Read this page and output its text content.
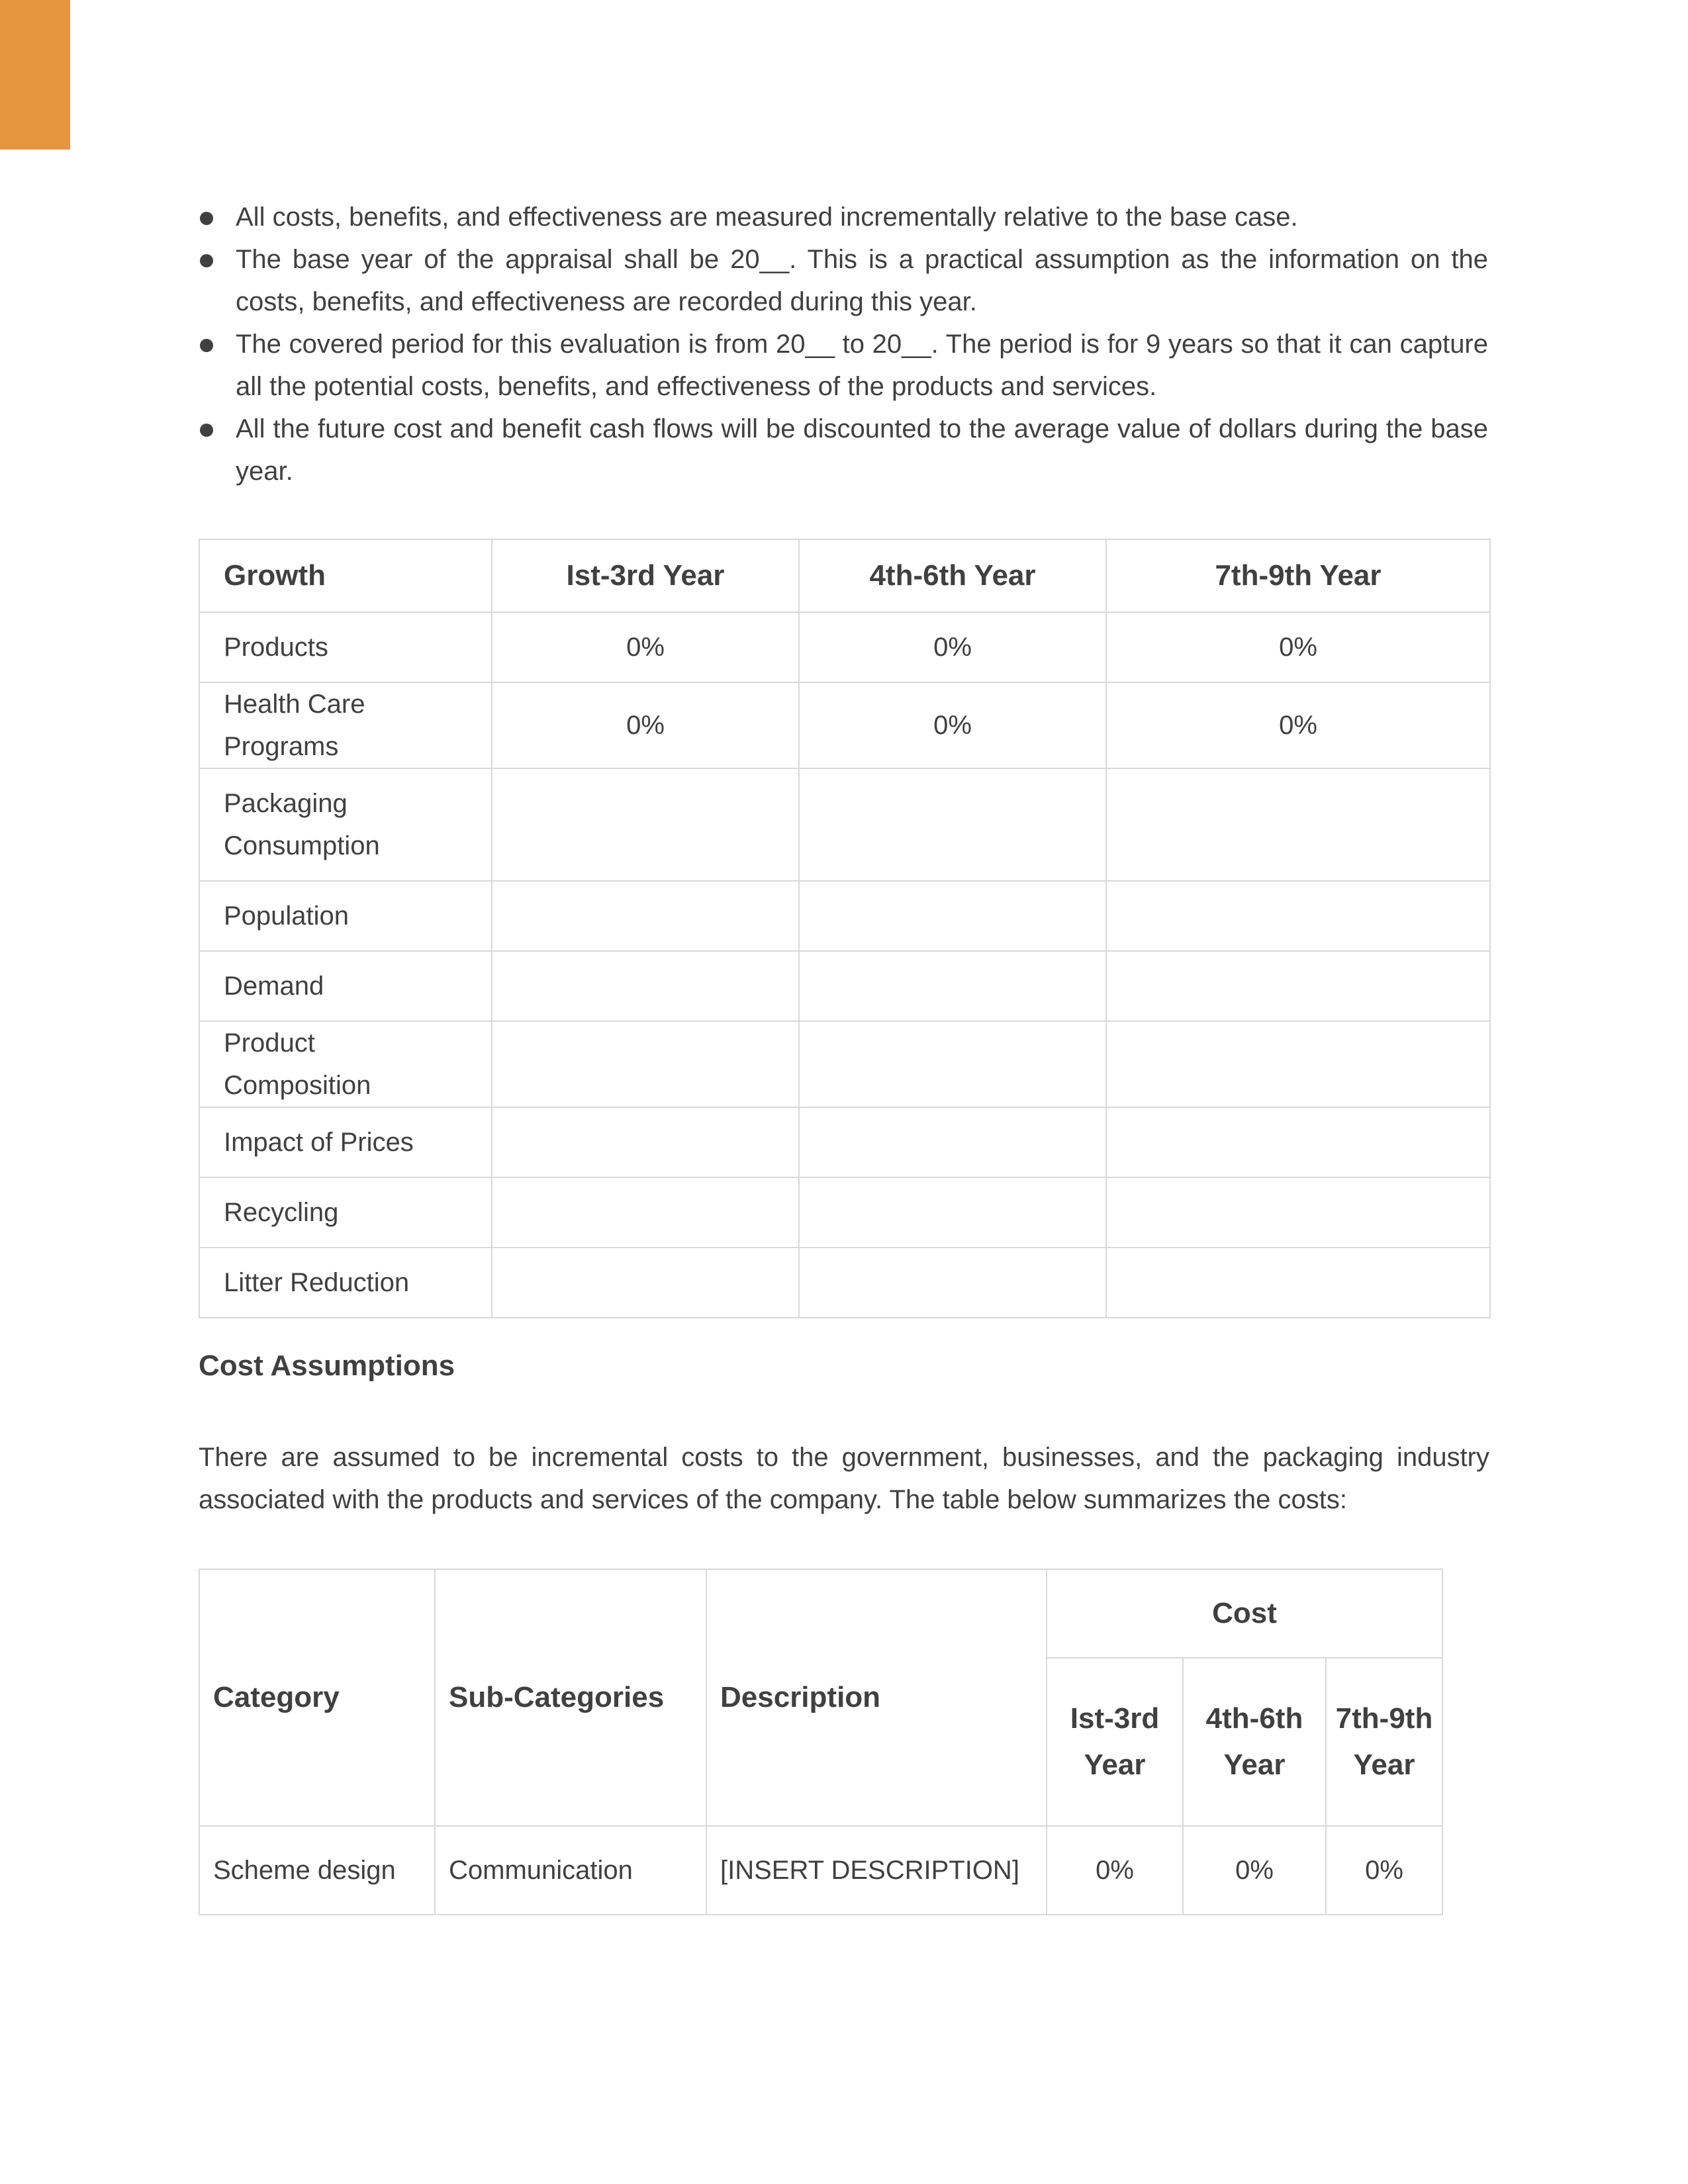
All costs, benefits, and effectiveness are measured incrementally relative to the base case.
The base year of the appraisal shall be 20__. This is a practical assumption as the information on the costs, benefits, and effectiveness are recorded during this year.
The covered period for this evaluation is from 20__ to 20__. The period is for 9 years so that it can capture all the potential costs, benefits, and effectiveness of the products and services.
All the future cost and benefit cash flows will be discounted to the average value of dollars during the base year.
Growth	Ist-3rd Year	4th-6th Year	7th-9th Year
Products	0%	0%	0%
Health Care Programs	0%	0%	0%
Packaging Consumption			
Population			
Demand			
Product Composition			
Impact of Prices			
Recycling			
Litter Reduction			
Cost Assumptions

There are assumed to be incremental costs to the government, businesses, and the packaging industry associated with the products and services of the company. The table below summarizes the costs:

Category	Sub-Categories	Description	Cost		
			Ist-3rd Year	4th-6th Year	7th-9th Year
Scheme design	Communication	[INSERT DESCRIPTION]	0%	0%	0%
